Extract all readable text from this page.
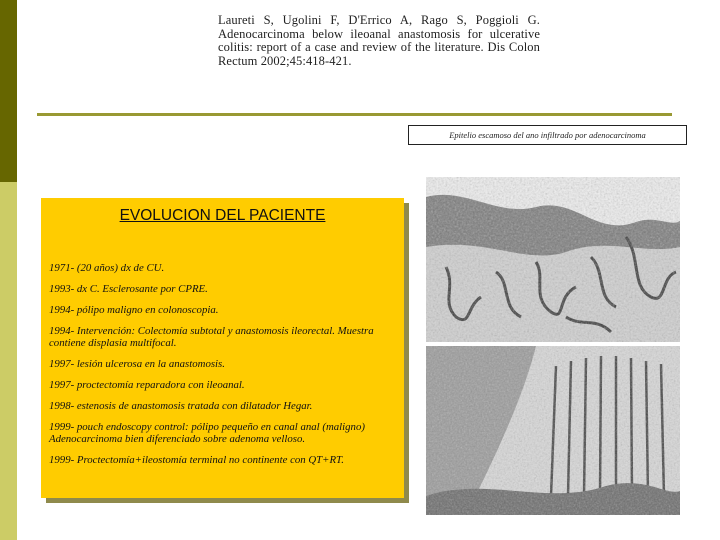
Laureti S, Ugolini F, D'Errico A, Rago S, Poggioli G. Adenocarcinoma below ileoanal anastomosis for ulcerative colitis: report of a case and review of the literature. Dis Colon Rectum 2002;45:418-421.
Epitelio escamoso del ano infiltrado por adenocarcinoma
EVOLUCION DEL PACIENTE
1971- (20 años) dx de CU.
1993- dx C. Esclerosante por CPRE.
1994- pólipo maligno en colonoscopia.
1994- Intervención: Colectomía subtotal y anastomosis ileorectal. Muestra contiene displasia multifocal.
1997- lesión ulcerosa en la anastomosis.
1997- proctectomía reparadora con ileoanal.
1998- estenosis de anastomosis tratada con dilatador Hegar.
1999- pouch endoscopy control: pólipo pequeño en canal anal (maligno) Adenocarcinoma bien diferenciado sobre adenoma velloso.
1999- Proctectomía+ileostomía terminal no continente con QT+RT.
